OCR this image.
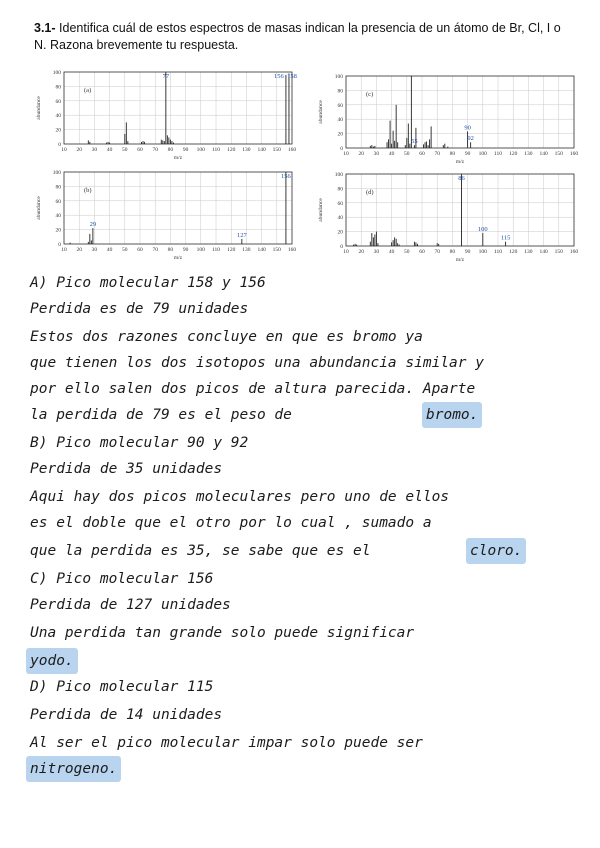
3.1- Identifica cuál de estos espectros de masas indican la presencia de un átomo de Br, Cl, I o N. Razona brevemente tu respuesta.
10 20 30 40 50 60 70 80 90 100 110 120 130 140 150 160
0
20
40
60
80
100
m/z
abundance
(a)
77	156 158
10 20 30 40 50 60 70 80 90 100 110 120 130 140 150 160
0
20
40
60
80
100
m/z
abundance
(c)
55
90
92
10 20 30 40 50 60 70 80 90 100 110 120 130 140 150 160
0
20
40
60
80
100
m/z
abundance
(b)
29
127
156
10 20 30 40 50 60 70 80 90 100 110 120 130 140 150 160
0
20
40
60
80
100
m/z
abundance
(d)
86
100
115
A) Pico molecular 158 y 156
Perdida es de 79 unidades
Estos dos razones concluye en que es bromo ya
que tienen los dos isotopos una abundancia similar y
por ello salen dos picos de altura parecida. Aparte
la perdida de 79 es el peso de	bromo.
B) Pico molecular 90 y 92
Perdida de 35 unidades
Aqui hay dos picos moleculares pero uno de ellos
es el doble que el otro por lo cual , sumado a
que la perdida es 35, se sabe que es el	cloro.
C) Pico molecular 156
Perdida de 127 unidades
Una perdida tan grande solo puede significar
yodo.
D) Pico molecular 115
Perdida de 14 unidades
Al ser el pico molecular impar solo puede ser
nitrogeno.
